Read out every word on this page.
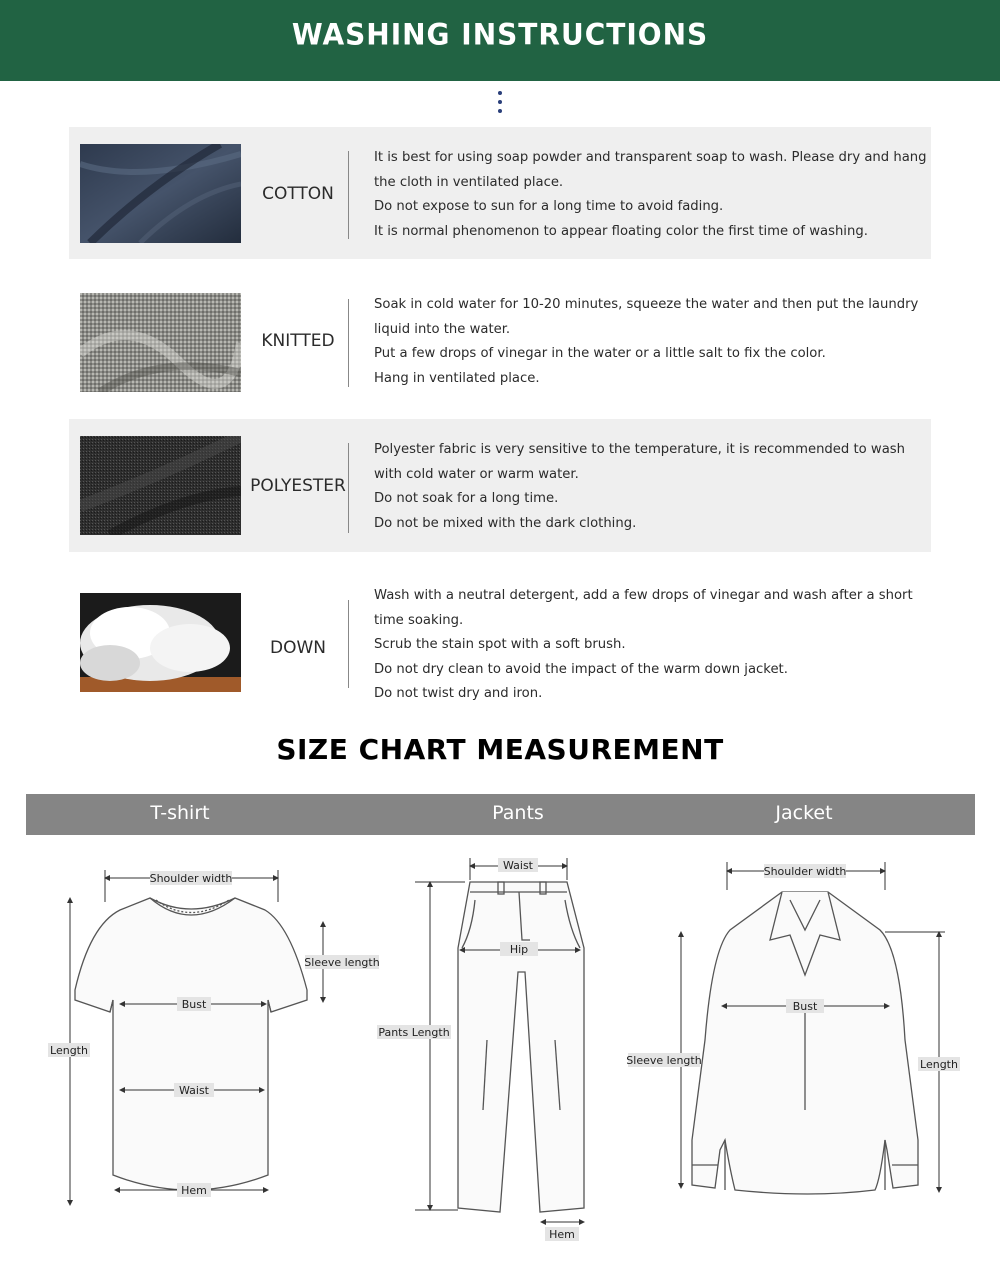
WASHING INSTRUCTIONS
COTTON

It is best for using soap powder and transparent soap to wash. Please dry and hang the cloth in ventilated place.

Do not expose to sun for a long time to avoid fading.

It is normal phenomenon to appear floating color the first time of washing.

KNITTED

Soak in cold water for 10-20 minutes, squeeze the water and then put the laundry liquid into the water.

Put a few drops of vinegar in the water or a little salt to fix the color.

Hang in ventilated place.

POLYESTER

Polyester fabric is very sensitive to the temperature, it is recommended to wash with cold water or warm water.

Do not soak for a long time.

Do not be mixed with the dark clothing.

DOWN

Wash with a neutral detergent, add a few drops of vinegar and wash after a short time soaking.

Scrub the stain spot with a soft brush.

Do not dry clean to avoid the impact of the warm down jacket.

Do not twist dry and iron.

SIZE CHART MEASUREMENT
T-shirt	Pants	Jacket
Shoulder width
Sleeve length
Bust
Length
Waist
Hem
Waist
Hip
Pants Length
Hem
Shoulder width
Bust
Sleeve length	Length
